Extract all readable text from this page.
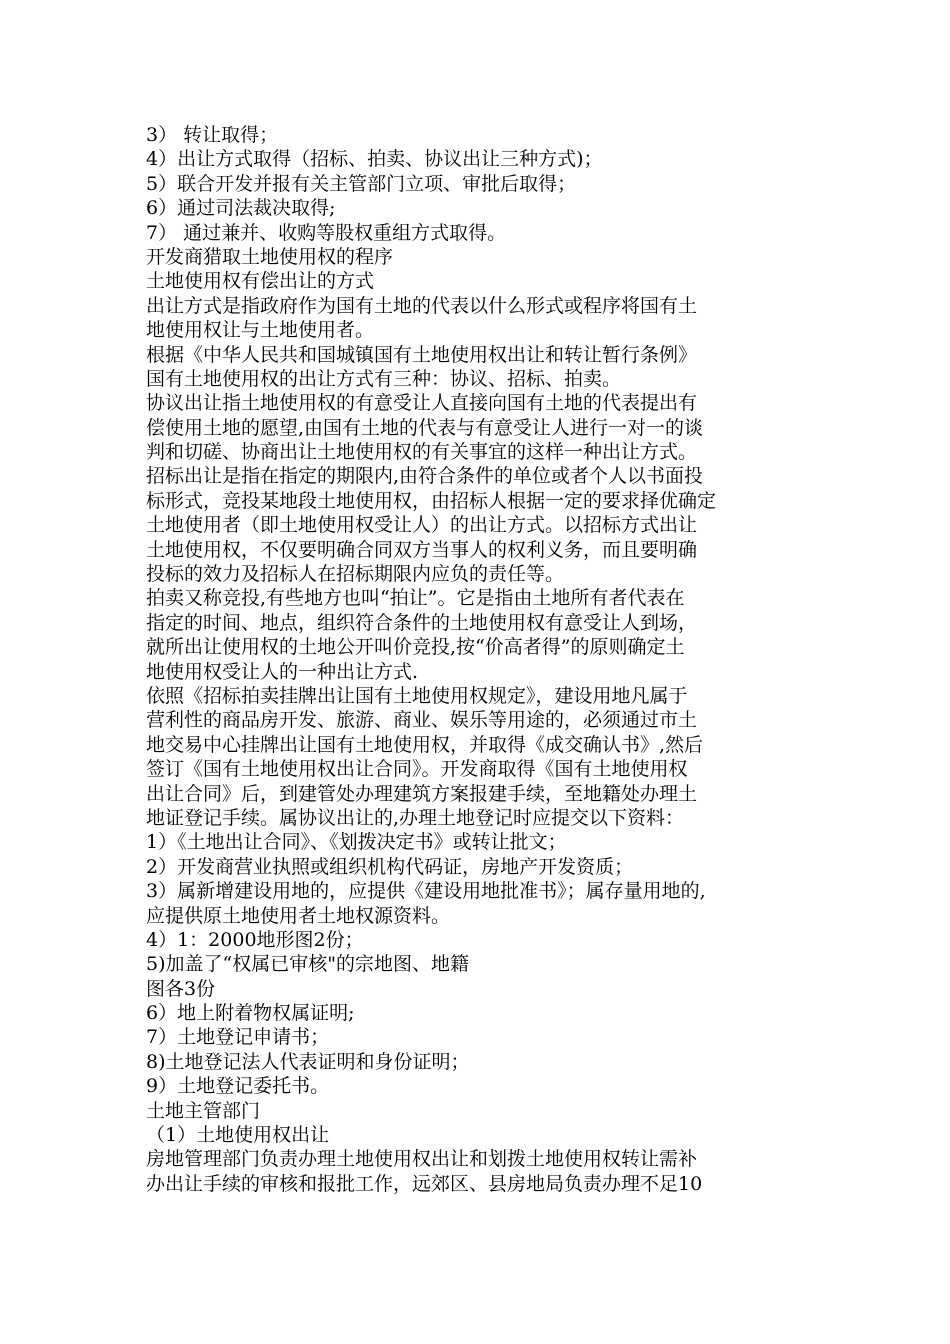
3） 转让取得；
4）出让方式取得（招标、拍卖、协议出让三种方式)；
5）联合开发并报有关主管部门立项、审批后取得；
6）通过司法裁决取得;
7） 通过兼并、收购等股权重组方式取得。
开发商猎取土地使用权的程序
土地使用权有偿出让的方式
出让方式是指政府作为国有土地的代表以什么形式或程序将国有土
地使用权让与土地使用者。
根据《中华人民共和国城镇国有土地使用权出让和转让暂行条例》
国有土地使用权的出让方式有三种：协议、招标、拍卖。
协议出让指土地使用权的有意受让人直接向国有土地的代表提出有
偿使用土地的愿望,由国有土地的代表与有意受让人进行一对一的谈
判和切磋、协商出让土地使用权的有关事宜的这样一种出让方式。
招标出让是指在指定的期限内,由符合条件的单位或者个人以书面投
标形式，竞投某地段土地使用权，由招标人根据一定的要求择优确定
土地使用者（即土地使用权受让人）的出让方式。以招标方式出让
土地使用权，不仅要明确合同双方当事人的权利义务，而且要明确
投标的效力及招标人在招标期限内应负的责任等。
拍卖又称竞投,有些地方也叫“拍让”。它是指由土地所有者代表在
指定的时间、地点，组织符合条件的土地使用权有意受让人到场，
就所出让使用权的土地公开叫价竞投,按“价高者得”的原则确定土
地使用权受让人的一种出让方式.
依照《招标拍卖挂牌出让国有土地使用权规定》，建设用地凡属于
营利性的商品房开发、旅游、商业、娱乐等用途的，必须通过市土
地交易中心挂牌出让国有土地使用权，并取得《成交确认书》,然后
签订《国有土地使用权出让合同》。开发商取得《国有土地使用权
出让合同》后，到建管处办理建筑方案报建手续，至地籍处办理土
地证登记手续。属协议出让的,办理土地登记时应提交以下资料：
1）《土地出让合同》、《划拨决定书》或转让批文；
2）开发商营业执照或组织机构代码证，房地产开发资质；
3）属新增建设用地的，应提供《建设用地批准书》；属存量用地的,
应提供原土地使用者土地权源资料。
4）1：2000地形图2份；
5)加盖了“权属已审核"的宗地图、地籍
图各3份
6）地上附着物权属证明;
7）土地登记申请书；
8)土地登记法人代表证明和身份证明；
9）土地登记委托书。
土地主管部门
（1）土地使用权出让
房地管理部门负责办理土地使用权出让和划拨土地使用权转让需补
办出让手续的审核和报批工作，远郊区、县房地局负责办理不足10
